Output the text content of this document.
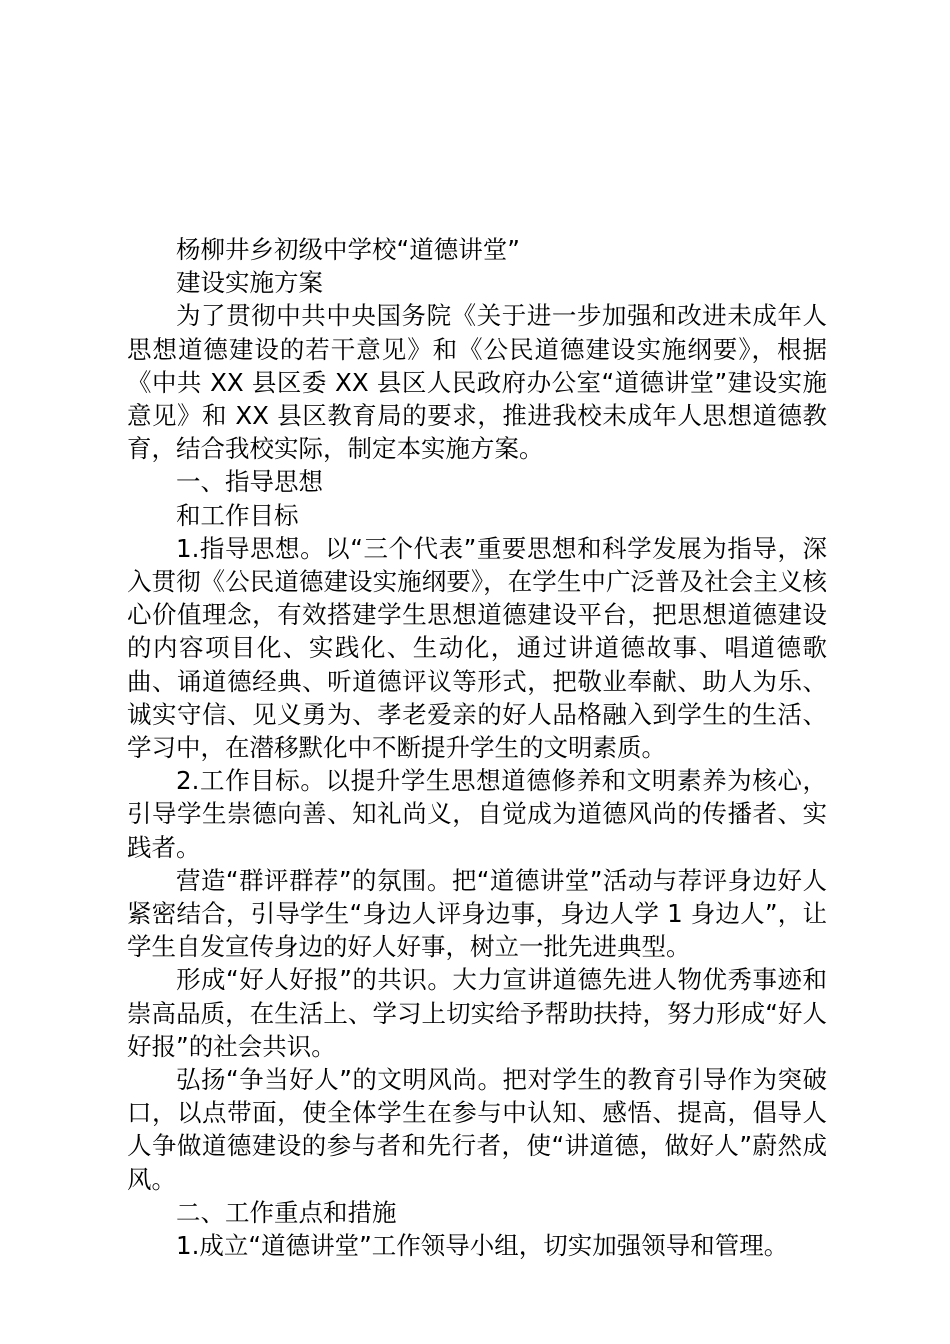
杨柳井乡初级中学校“道德讲堂”

建设实施方案

为了贯彻中共中央国务院《关于进一步加强和改进未成年人思想道德建设的若干意见》和《公民道德建设实施纲要》，根据《中共 XX 县区委 XX 县区人民政府办公室“道德讲堂”建设实施意见》和 XX 县区教育局的要求，推进我校未成年人思想道德教育，结合我校实际，制定本实施方案。

一、指导思想

和工作目标

1.指导思想。以“三个代表”重要思想和科学发展为指导，深入贯彻《公民道德建设实施纲要》，在学生中广泛普及社会主义核心价值理念，有效搭建学生思想道德建设平台，把思想道德建设的内容项目化、实践化、生动化，通过讲道德故事、唱道德歌曲、诵道德经典、听道德评议等形式，把敬业奉献、助人为乐、诚实守信、见义勇为、孝老爱亲的好人品格融入到学生的生活、学习中，在潜移默化中不断提升学生的文明素质。

2.工作目标。以提升学生思想道德修养和文明素养为核心，引导学生崇德向善、知礼尚义，自觉成为道德风尚的传播者、实践者。

营造“群评群荐”的氛围。把“道德讲堂”活动与荐评身边好人紧密结合，引导学生“身边人评身边事，身边人学 1 身边人”，让学生自发宣传身边的好人好事，树立一批先进典型。

形成“好人好报”的共识。大力宣讲道德先进人物优秀事迹和崇高品质，在生活上、学习上切实给予帮助扶持，努力形成“好人好报”的社会共识。

弘扬“争当好人”的文明风尚。把对学生的教育引导作为突破口，以点带面，使全体学生在参与中认知、感悟、提高，倡导人人争做道德建设的参与者和先行者，使“讲道德，做好人”蔚然成风。

二、工作重点和措施

1.成立“道德讲堂”工作领导小组，切实加强领导和管理。
